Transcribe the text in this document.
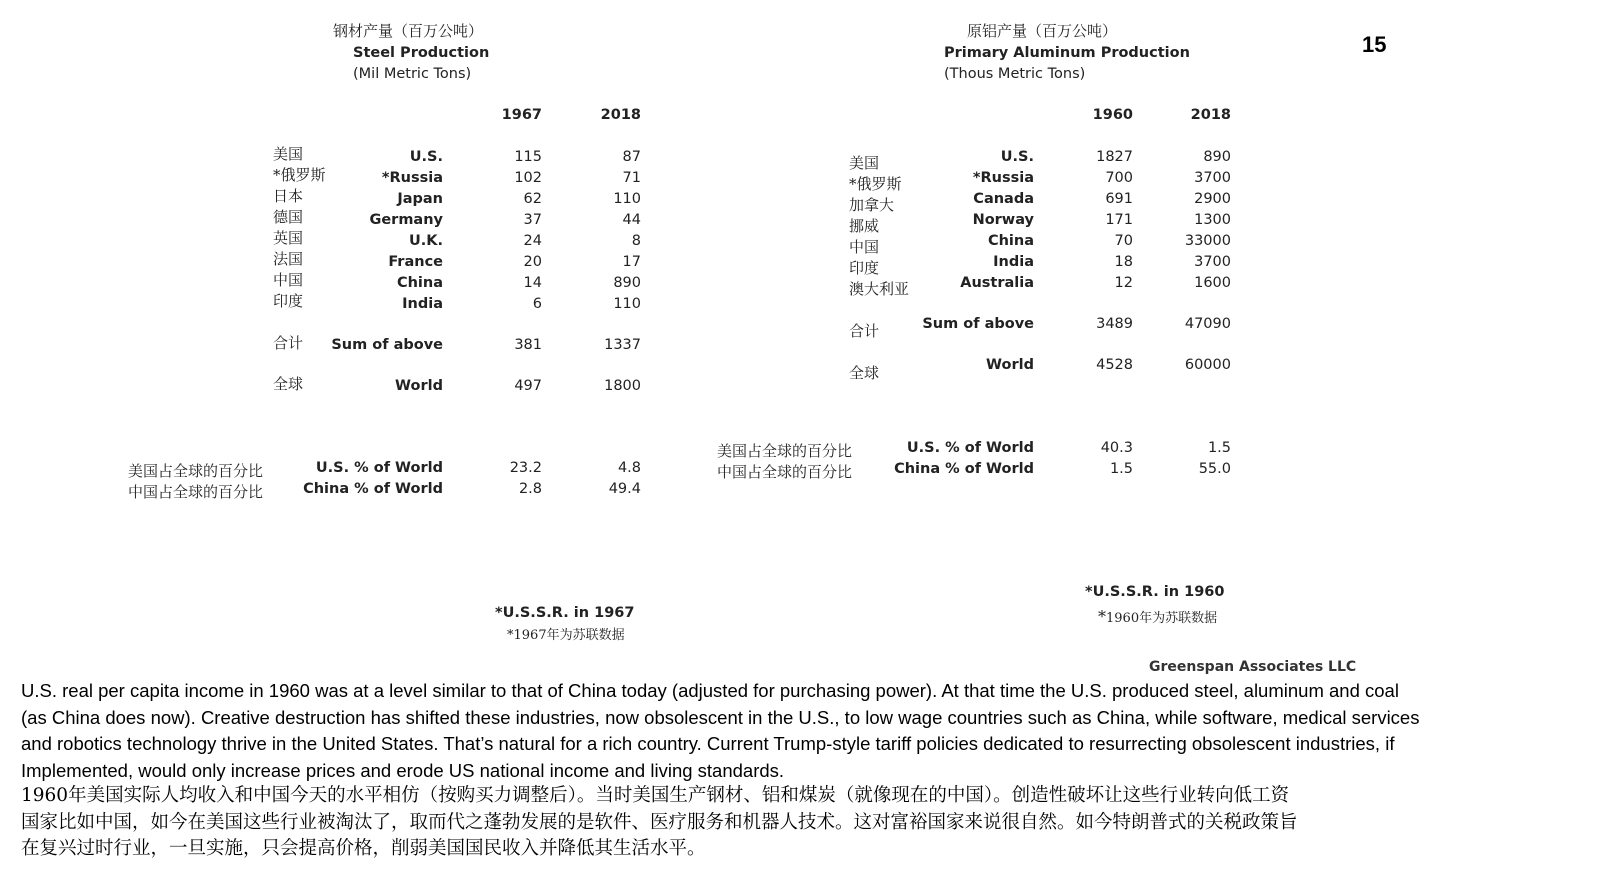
15
钢材产量（百万公吨）
Steel Production
(Mil Metric Tons)
1967	2018
美国	U.S.	115	87
*俄罗斯	*Russia	102	71
日本	Japan	62	110
德国	Germany	37	44
英国	U.K.	24	8
法国	France	20	17
中国	China	14	890
印度	India	6	110
合计	Sum of above	381	1337
全球	World	497	1800
美国占全球的百分比	U.S. % of World	23.2	4.8
中国占全球的百分比	China % of World	2.8	49.4
*U.S.S.R. in 1967
*1967年为苏联数据
原铝产量（百万公吨）
Primary Aluminum Production
(Thous Metric Tons)
1960	2018
美国	U.S.	1827	890
*俄罗斯	*Russia	700	3700
加拿大	Canada	691	2900
挪威	Norway	171	1300
中国	China	70	33000
印度	India	18	3700
澳大利亚	Australia	12	1600
合计	Sum of above	3489	47090
全球	World	4528	60000
美国占全球的百分比	U.S. % of World	40.3	1.5
中国占全球的百分比	China % of World	1.5	55.0
*U.S.S.R. in 1960
*1960年为苏联数据
Greenspan Associates LLC
U.S. real per capita income in 1960 was at a level similar to that of China today (adjusted for purchasing power). At that time the U.S. produced steel, aluminum and coal
(as China does now). Creative destruction has shifted these industries, now obsolescent in the U.S., to low wage countries such as China, while software, medical services
and robotics technology thrive in the United States. That’s natural for a rich country. Current Trump-style tariff policies dedicated to resurrecting obsolescent industries, if
Implemented, would only increase prices and erode US national income and living standards.
1960年美国实际人均收入和中国今天的水平相仿（按购买力调整后）。当时美国生产钢材、铝和煤炭（就像现在的中国）。创造性破坏让这些行业转向低工资
国家比如中国，如今在美国这些行业被淘汰了，取而代之蓬勃发展的是软件、医疗服务和机器人技术。这对富裕国家来说很自然。如今特朗普式的关税政策旨
在复兴过时行业，一旦实施，只会提高价格，削弱美国国民收入并降低其生活水平。
